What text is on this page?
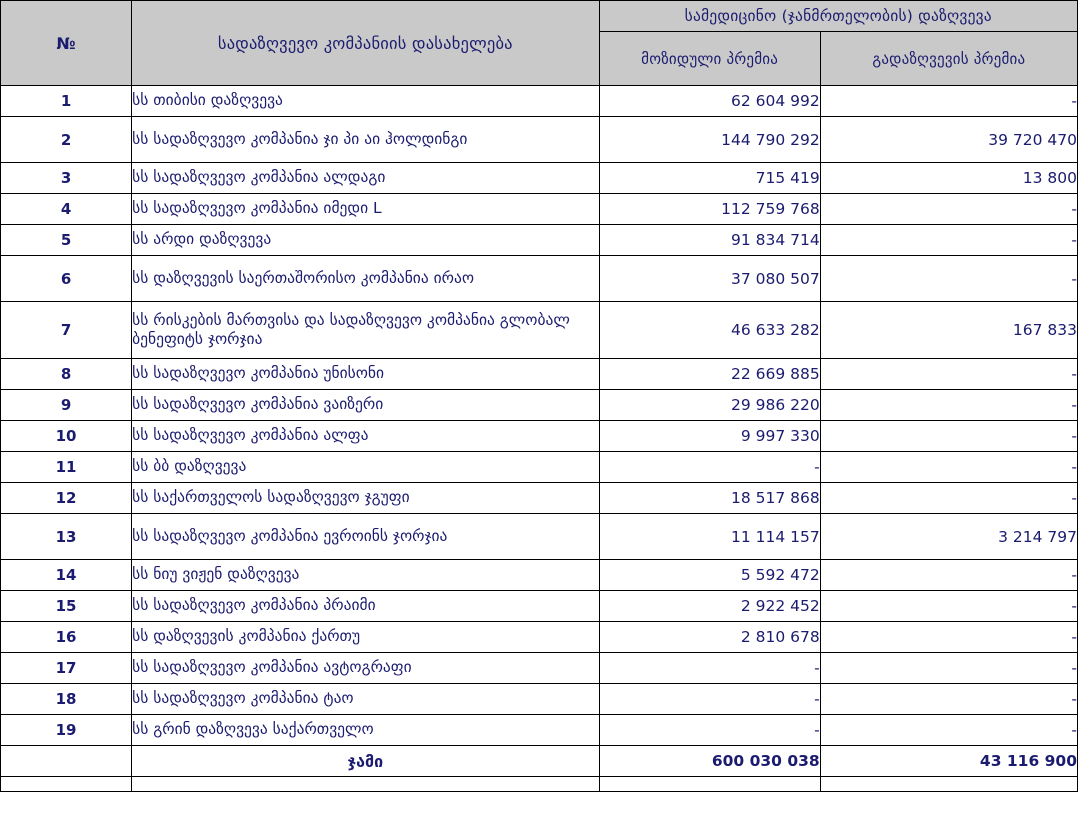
№	სადაზღვევო კომპანიის დასახელება	სამედიცინო (ჯანმრთელობის) დაზღვევა	
		მოზიდული პრემია	გადაზღვევის პრემია
1	სს თიბისი დაზღვევა	62 604 992	-
2	სს სადაზღვევო კომპანია ჯი პი აი ჰოლდინგი	144 790 292	39 720 470
3	სს სადაზღვევო კომპანია ალდაგი	715 419	13 800
4	სს სადაზღვევო კომპანია იმედი L	112 759 768	-
5	სს არდი დაზღვევა	91 834 714	-
6	სს დაზღვევის საერთაშორისო კომპანია ირაო	37 080 507	-
7	სს რისკების მართვისა და სადაზღვევო კომპანია გლობალ ბენეფიტს ჯორჯია	46 633 282	167 833
8	სს სადაზღვევო კომპანია უნისონი	22 669 885	-
9	სს სადაზღვევო კომპანია ვაიზერი	29 986 220	-
10	სს სადაზღვევო კომპანია ალფა	9 997 330	-
11	სს ბბ დაზღვევა	-	-
12	სს საქართველოს სადაზღვევო ჯგუფი	18 517 868	-
13	სს სადაზღვევო კომპანია ევროინს ჯორჯია	11 114 157	3 214 797
14	სს ნიუ ვიჟენ დაზღვევა	5 592 472	-
15	სს სადაზღვევო კომპანია პრაიმი	2 922 452	-
16	სს დაზღვევის კომპანია ქართუ	2 810 678	-
17	სს სადაზღვევო კომპანია ავტოგრაფი	-	-
18	სს სადაზღვევო კომპანია ტაო	-	-
19	სს გრინ დაზღვევა საქართველო	-	-
	ჯამი	600 030 038	43 116 900
